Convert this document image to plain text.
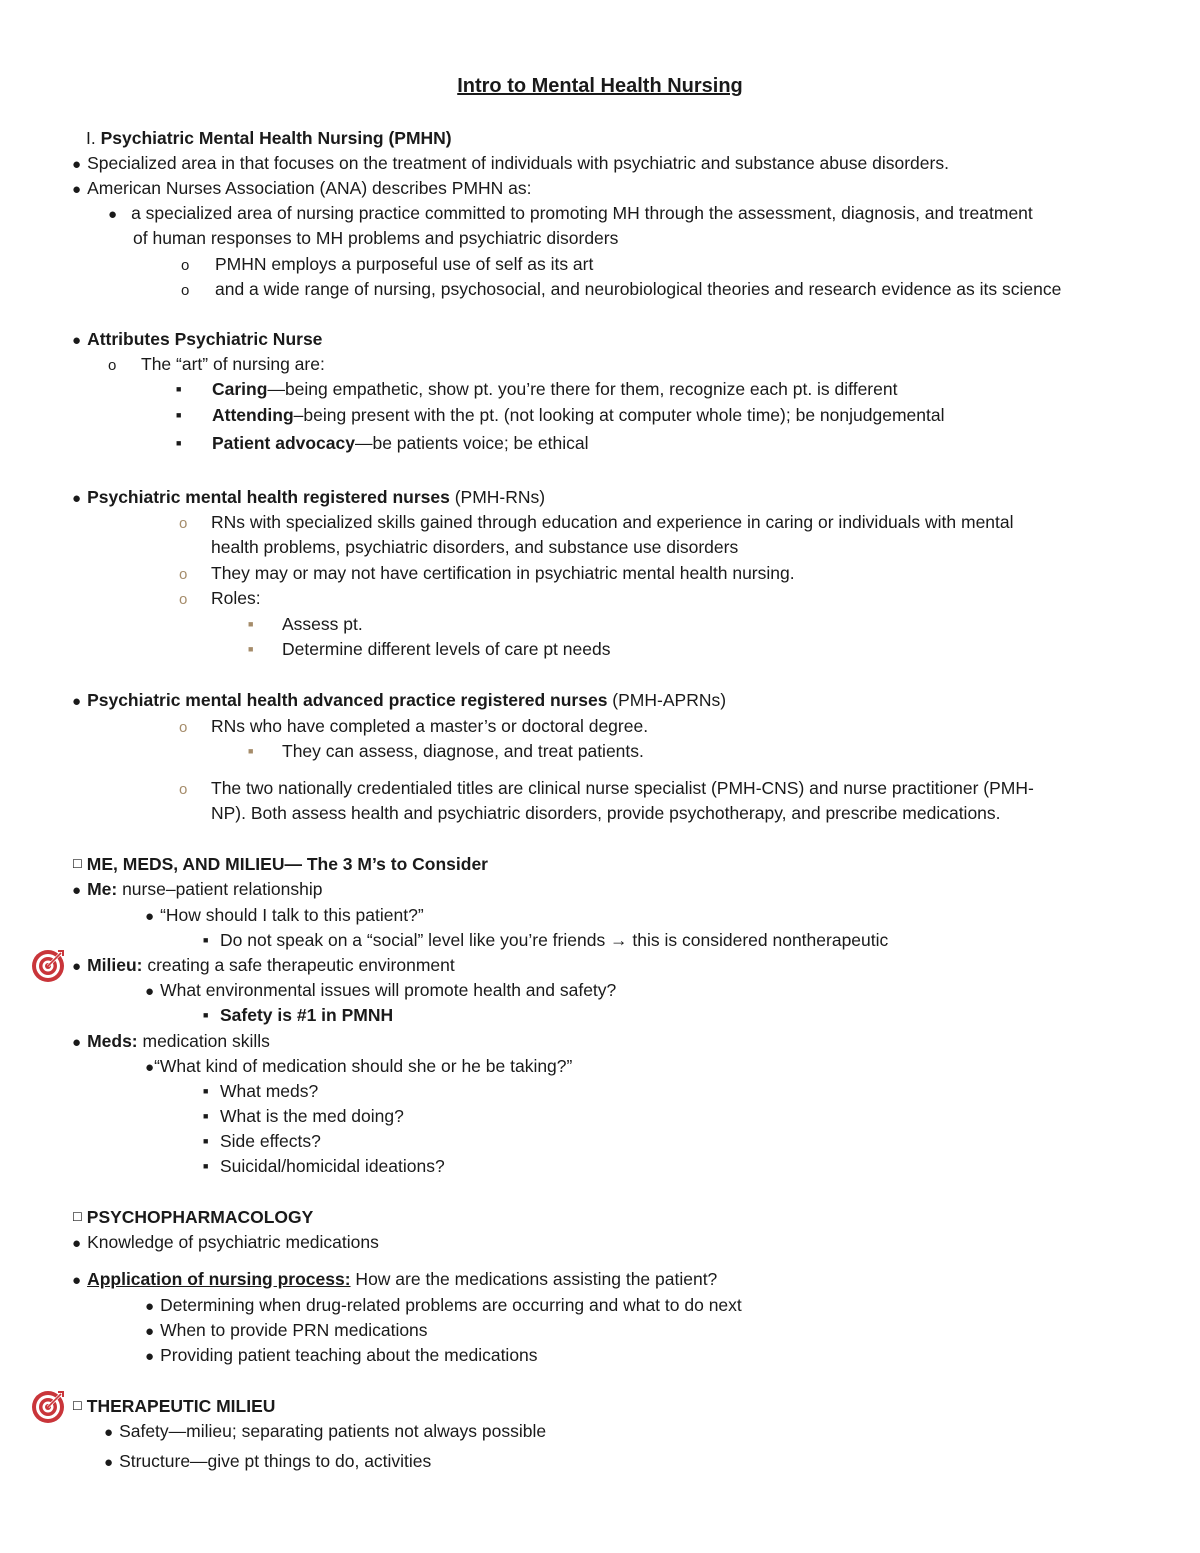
Intro to Mental Health Nursing
I. Psychiatric Mental Health Nursing (PMHN)
● Specialized area in that focuses on the treatment of individuals with psychiatric and substance abuse disorders.
● American Nurses Association (ANA) describes PMHN as:
● a specialized area of nursing practice committed to promoting MH through the assessment, diagnosis, and treatment
of human responses to MH problems and psychiatric disorders
o PMHN employs a purposeful use of self as its art
o and a wide range of nursing, psychosocial, and neurobiological theories and research evidence as its science
● Attributes Psychiatric Nurse
o The “art” of nursing are:
■ Caring—being empathetic, show pt. you’re there for them, recognize each pt. is different
■ Attending–being present with the pt. (not looking at computer whole time); be nonjudgemental
■ Patient advocacy—be patients voice; be ethical
● Psychiatric mental health registered nurses (PMH-RNs)
o RNs with specialized skills gained through education and experience in caring or individuals with mental
health problems, psychiatric disorders, and substance use disorders
o They may or may not have certification in psychiatric mental health nursing.
o Roles:
■ Assess pt.
■ Determine different levels of care pt needs
● Psychiatric mental health advanced practice registered nurses (PMH-APRNs)
o RNs who have completed a master’s or doctoral degree.
■ They can assess, diagnose, and treat patients.
o The two nationally credentialed titles are clinical nurse specialist (PMH-CNS) and nurse practitioner (PMH-
NP). Both assess health and psychiatric disorders, provide psychotherapy, and prescribe medications.
☐ ME, MEDS, AND MILIEU— The 3 M’s to Consider
● Me: nurse–patient relationship
● “How should I talk to this patient?”
■ Do not speak on a “social” level like you’re friends → this is considered nontherapeutic
● Milieu: creating a safe therapeutic environment
● What environmental issues will promote health and safety?
■ Safety is #1 in PMNH
● Meds: medication skills
●“What kind of medication should she or he be taking?”
■ What meds?
■ What is the med doing?
■ Side effects?
■ Suicidal/homicidal ideations?
☐ PSYCHOPHARMACOLOGY
● Knowledge of psychiatric medications
● Application of nursing process: How are the medications assisting the patient?
● Determining when drug-related problems are occurring and what to do next
● When to provide PRN medications
● Providing patient teaching about the medications
☐ THERAPEUTIC MILIEU
● Safety—milieu; separating patients not always possible
● Structure—give pt things to do, activities
